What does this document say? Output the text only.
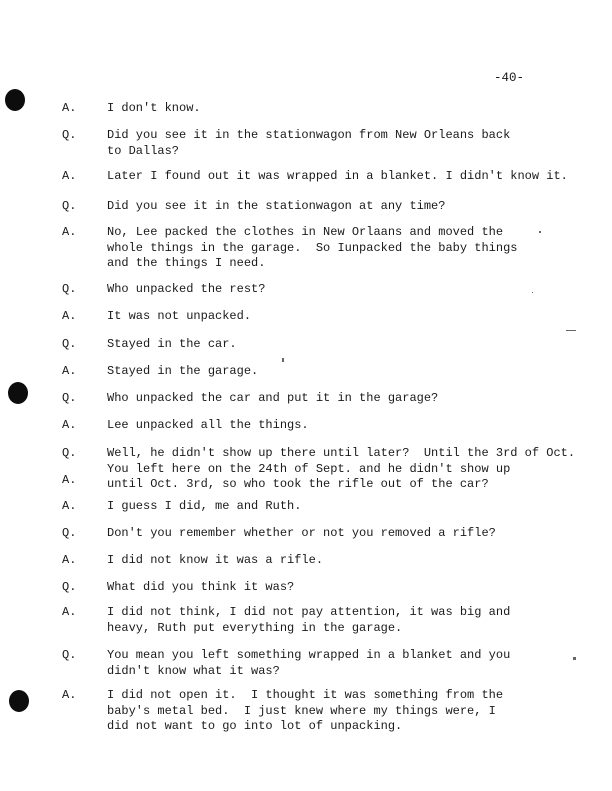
-40-
A.	I don't know.
Q.	Did you see it in the stationwagon from New Orleans back
to Dallas?
A.	Later I found out it was wrapped in a blanket. I didn't know it.
Q.	Did you see it in the stationwagon at any time?
A.	No, Lee packed the clothes in New Orlaans and moved the
whole things in the garage.  So Iunpacked the baby things
and the things I need.
Q.	Who unpacked the rest?
A.	It was not unpacked.
Q.	Stayed in the car.
A.	Stayed in the garage.
Q.	Who unpacked the car and put it in the garage?
A.	Lee unpacked all the things.
Q.	Well, he didn't show up there until later?  Until the 3rd of Oct.
You left here on the 24th of Sept. and he didn't show up
until Oct. 3rd, so who took the rifle out of the car?
A.
A.	I guess I did, me and Ruth.
Q.	Don't you remember whether or not you removed a rifle?
A.	I did not know it was a rifle.
Q.	What did you think it was?
A.	I did not think, I did not pay attention, it was big and
heavy, Ruth put everything in the garage.
Q.	You mean you left something wrapped in a blanket and you
didn't know what it was?
A.	I did not open it.  I thought it was something from the
baby's metal bed.  I just knew where my things were, I
did not want to go into lot of unpacking.
